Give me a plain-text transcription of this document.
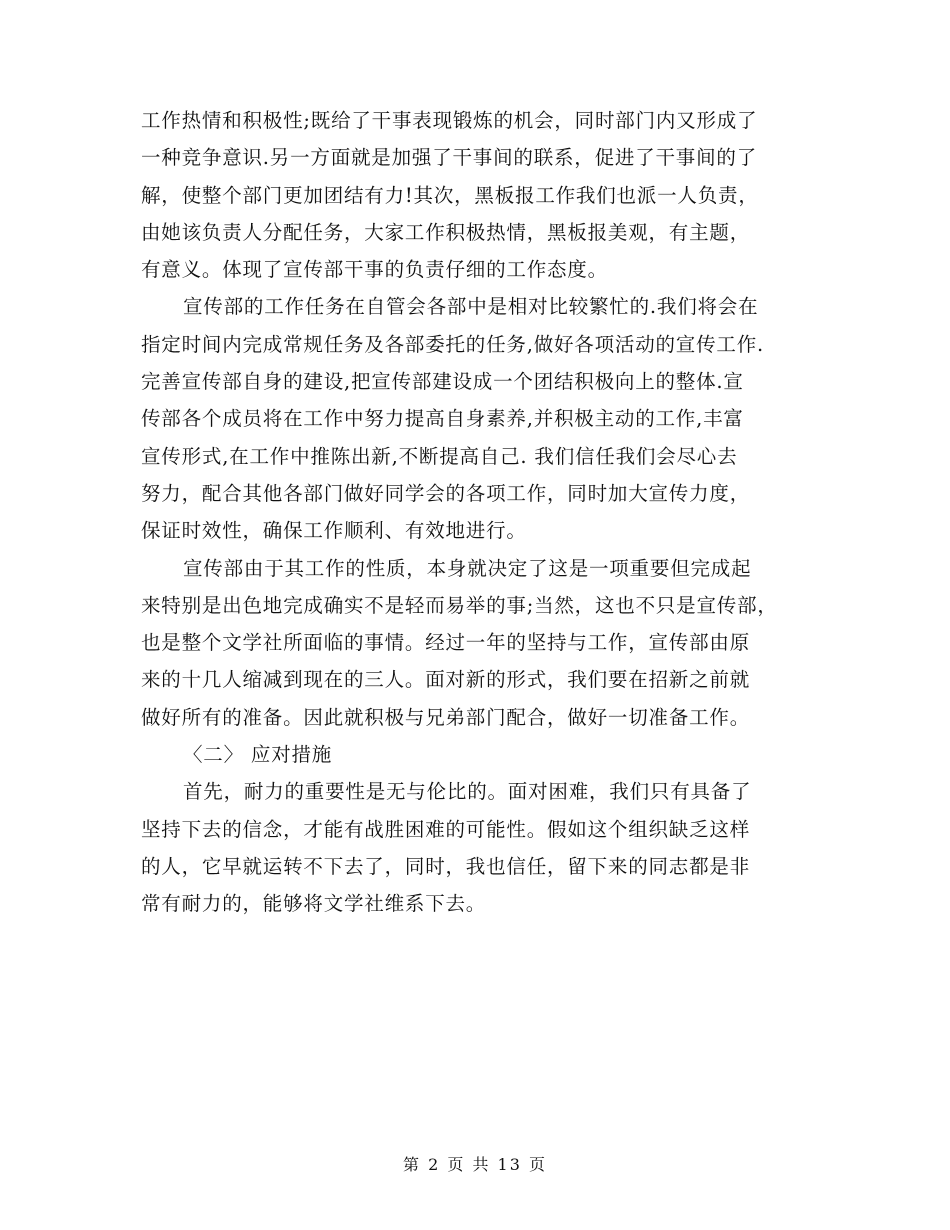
工作热情和积极性;既给了干事表现锻炼的机会，同时部门内又形成了
一种竞争意识.另一方面就是加强了干事间的联系，促进了干事间的了
解，使整个部门更加团结有力!其次，黑板报工作我们也派一人负责，
由她该负责人分配任务，大家工作积极热情，黑板报美观，有主题，
有意义。体现了宣传部干事的负责仔细的工作态度。
宣传部的工作任务在自管会各部中是相对比较繁忙的.我们将会在
指定时间内完成常规任务及各部委托的任务,做好各项活动的宣传工作.
完善宣传部自身的建设,把宣传部建设成一个团结积极向上的整体.宣
传部各个成员将在工作中努力提高自身素养,并积极主动的工作,丰富
宣传形式,在工作中推陈出新,不断提高自己. 我们信任我们会尽心去
努力，配合其他各部门做好同学会的各项工作，同时加大宣传力度，
保证时效性，确保工作顺利、有效地进行。
宣传部由于其工作的性质，本身就决定了这是一项重要但完成起
来特别是出色地完成确实不是轻而易举的事;当然，这也不只是宣传部，
也是整个文学社所面临的事情。经过一年的坚持与工作，宣传部由原
来的十几人缩减到现在的三人。面对新的形式，我们要在招新之前就
做好所有的准备。因此就积极与兄弟部门配合，做好一切准备工作。
〈二〉 应对措施
首先，耐力的重要性是无与伦比的。面对困难，我们只有具备了
坚持下去的信念，才能有战胜困难的可能性。假如这个组织缺乏这样
的人，它早就运转不下去了，同时，我也信任，留下来的同志都是非
常有耐力的，能够将文学社维系下去。
第 2 页 共 13 页
